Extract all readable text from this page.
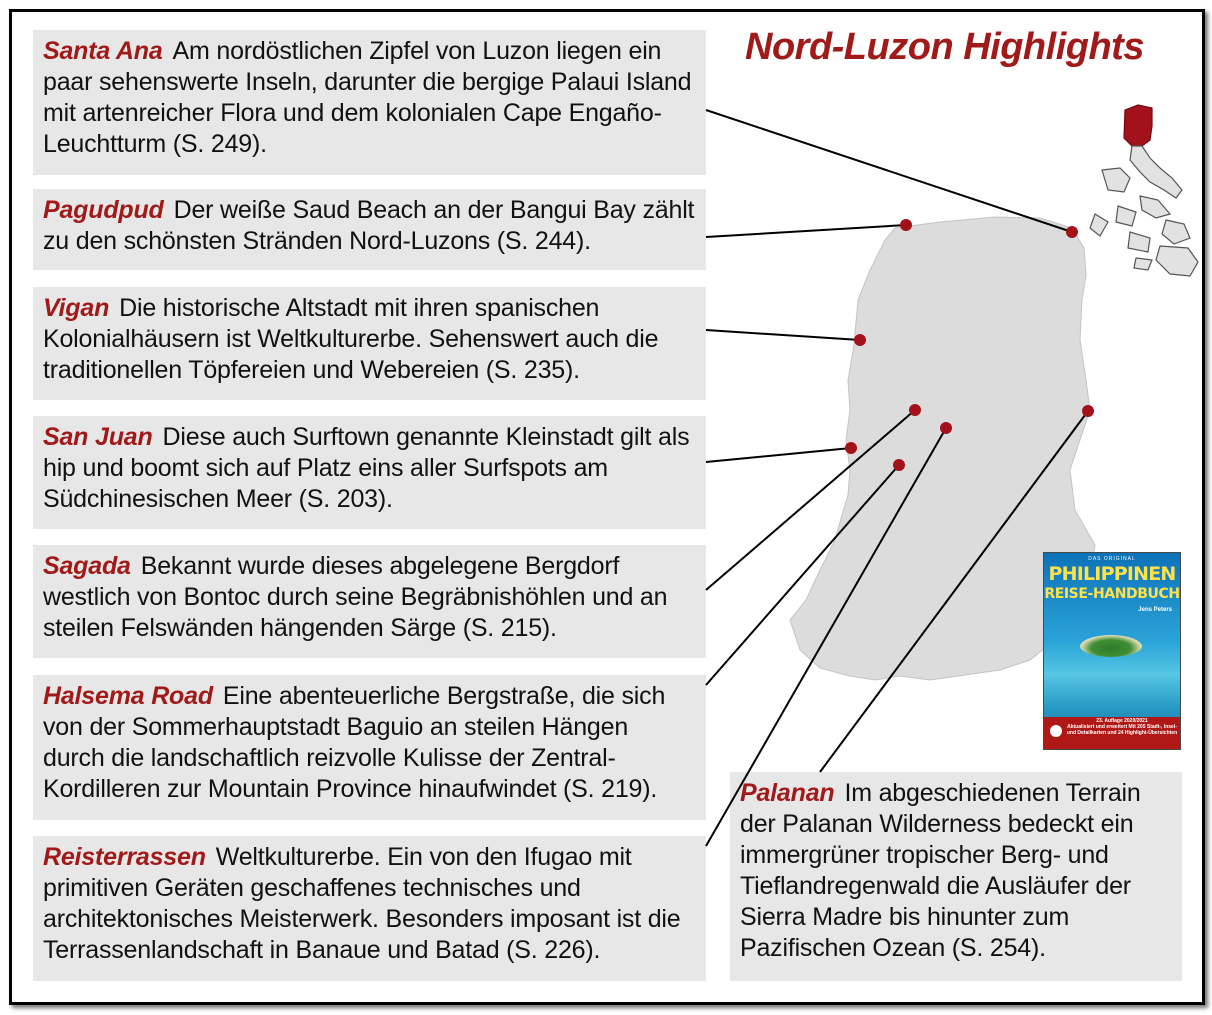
Nord-Luzon Highlights
Santa Ana Am nordöstlichen Zipfel von Luzon liegen ein paar sehenswerte Inseln, darunter die bergige Palaui Island mit artenreicher Flora und dem kolonialen Cape Engaño-Leuchtturm (S. 249).
Pagudpud Der weiße Saud Beach an der Bangui Bay zählt zu den schönsten Stränden Nord-Luzons (S. 244).
Vigan Die historische Altstadt mit ihren spanischen Kolonialhäusern ist Weltkulturerbe. Sehenswert auch die traditionellen Töpfereien und Webereien (S. 235).
San Juan Diese auch Surftown genannte Kleinstadt gilt als hip und boomt sich auf Platz eins aller Surfspots am Südchinesischen Meer (S. 203).
Sagada Bekannt wurde dieses abgelegene Bergdorf westlich von Bontoc durch seine Begräbnishöhlen und an steilen Felswänden hängenden Särge (S. 215).
Halsema Road Eine abenteuerliche Bergstraße, die sich von der Sommerhauptstadt Baguio an steilen Hängen durch die landschaftlich reizvolle Kulisse der Zentral-Kordilleren zur Mountain Province hinaufwindet (S. 219).
Reisterrassen Weltkulturerbe. Ein von den Ifugao mit primitiven Geräten geschaffenes technisches und architektonisches Meisterwerk. Besonders imposant ist die Terrassenlandschaft in Banaue und Batad (S. 226).
Palanan Im abgeschiedenen Terrain der Palanan Wilderness bedeckt ein immergrüner tropischer Berg- und Tieflandregenwald die Ausläufer der Sierra Madre bis hinunter zum Pazifischen Ozean (S. 254).
DAS ORIGINAL
PHILIPPINEN
REISE-HANDBUCH
Jens Peters
23. Auflage 2020/2021
Aktualisiert und erweitert Mit 205 Stadt-, Insel- und Detailkarten und 24 Highlight-Übersichten
